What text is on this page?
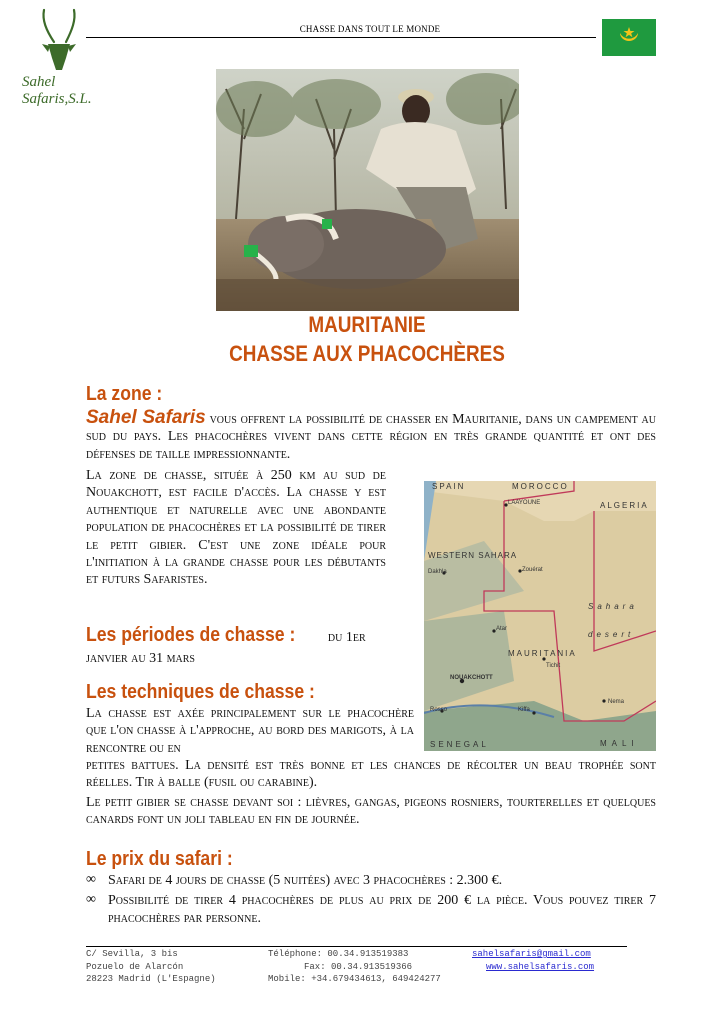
Sahel
Safaris,S.L.
CHASSE DANS TOUT LE MONDE
MAURITANIE
CHASSE AUX PHACOCHÈRES
La zone :
Sahel Safaris vous offrent la possibilité de chasser en Mauritanie, dans un campement au sud du pays. Les phacochères vivent dans cette région en très grande quantité et ont des défenses de taille impressionnante.
La zone de chasse, située à 250 km au sud de Nouakchott, est facile d'accès. La chasse y est authentique et naturelle avec une abondante population de phacochères et la possibilité de tirer le petit gibier. C'est une zone idéale pour l'initiation à la grande chasse pour les débutants et futurs Safaristes.
SPAIN	MOROCCO
ALGERIA
LAAYOUNE
WESTERN SAHARA
Dakhla	Zouérat
Sahara
desert
Atar
MAURITANIA
Tichit
NOUAKCHOTT
Rosso	Kiffa
Nema
SENEGAL	MALI
Les périodes de chasse : du 1er
janvier au 31 mars
Les techniques de chasse :
La chasse est axée principalement sur le phacochère que l'on chasse à l'approche, au bord des marigots, à la rencontre ou en
petites battues. La densité est très bonne et les chances de récolter un beau trophée sont réelles. Tir à balle (fusil ou carabine).
Le petit gibier se chasse devant soi : lièvres, gangas, pigeons rosniers, tourterelles et quelques canards font un joli tableau en fin de journée.
Le prix du safari :
∞ Safari de 4 jours de chasse (5 nuitées) avec 3 phacochères : 2.300 €.
∞ Possibilité de tirer 4 phacochères de plus au prix de 200 € la pièce. Vous pouvez tirer 7 phacochères par personne.
C/ Sevilla, 3 bis
Pozuelo de Alarcón
28223 Madrid (L'Espagne)
Téléphone: 00.34.913519383
Fax: 00.34.913519366
Mobile: +34.679434613, 649424277
sahelsafaris@gmail.com
www.sahelsafaris.com
